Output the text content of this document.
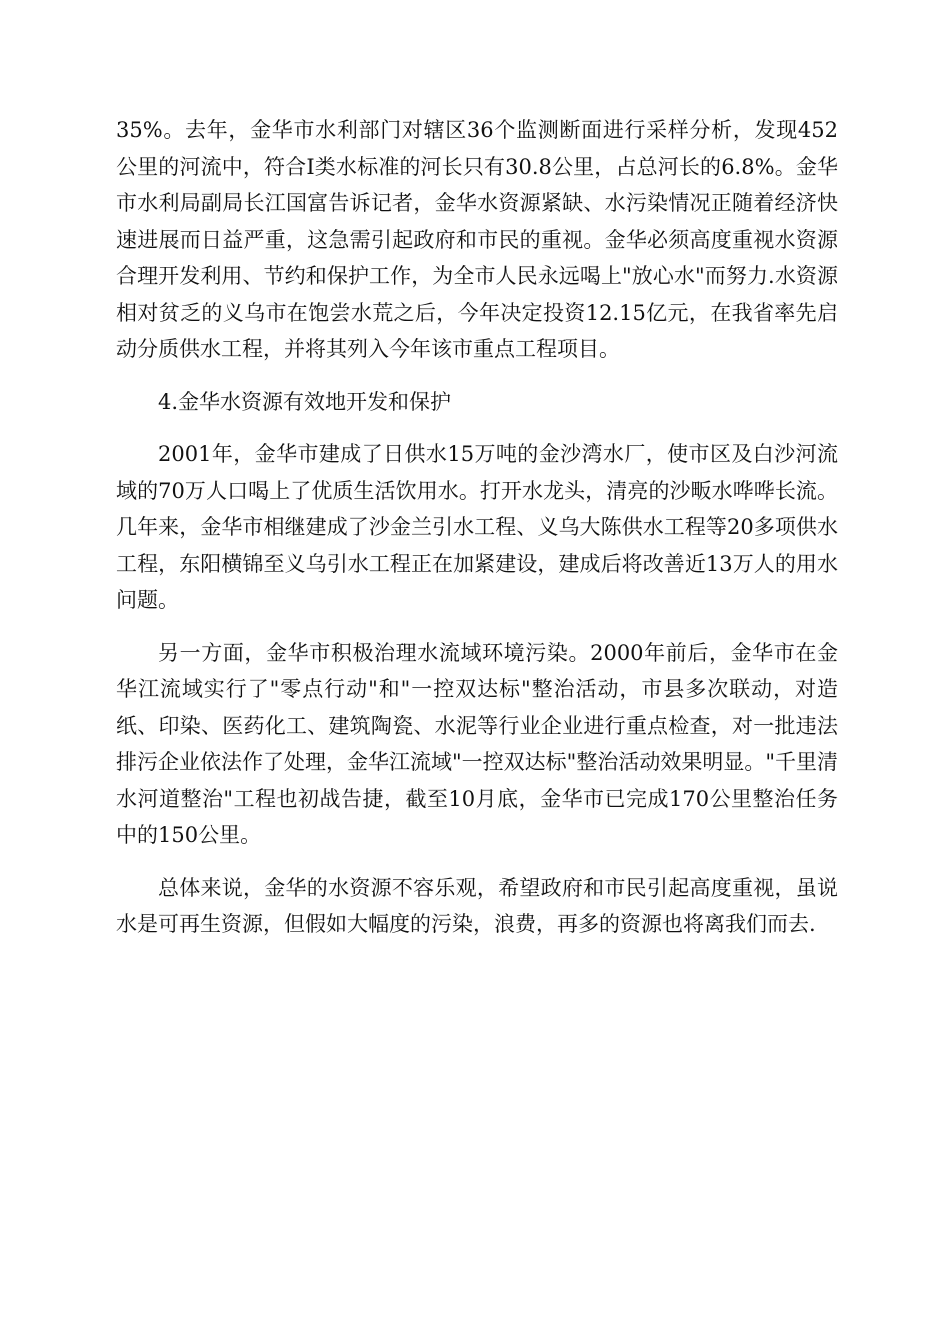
35%。去年，金华市水利部门对辖区36个监测断面进行采样分析，发现452公里的河流中，符合Ⅰ类水标准的河长只有30.8公里，占总河长的6.8%。金华市水利局副局长江国富告诉记者，金华水资源紧缺、水污染情况正随着经济快速进展而日益严重，这急需引起政府和市民的重视。金华必须高度重视水资源合理开发利用、节约和保护工作，为全市人民永远喝上"放心水"而努力.水资源相对贫乏的义乌市在饱尝水荒之后，今年决定投资12.15亿元，在我省率先启动分质供水工程，并将其列入今年该市重点工程项目。

4.金华水资源有效地开发和保护

2001年，金华市建成了日供水15万吨的金沙湾水厂，使市区及白沙河流域的70万人口喝上了优质生活饮用水。打开水龙头，清亮的沙畈水哗哗长流。几年来，金华市相继建成了沙金兰引水工程、义乌大陈供水工程等20多项供水工程，东阳横锦至义乌引水工程正在加紧建设，建成后将改善近13万人的用水问题。

另一方面，金华市积极治理水流域环境污染。2000年前后，金华市在金华江流域实行了"零点行动"和"一控双达标"整治活动，市县多次联动，对造纸、印染、医药化工、建筑陶瓷、水泥等行业企业进行重点检查，对一批违法排污企业依法作了处理，金华江流域"一控双达标"整治活动效果明显。"千里清水河道整治"工程也初战告捷，截至10月底，金华市已完成170公里整治任务中的150公里。

总体来说，金华的水资源不容乐观，希望政府和市民引起高度重视，虽说水是可再生资源，但假如大幅度的污染，浪费，再多的资源也将离我们而去.
